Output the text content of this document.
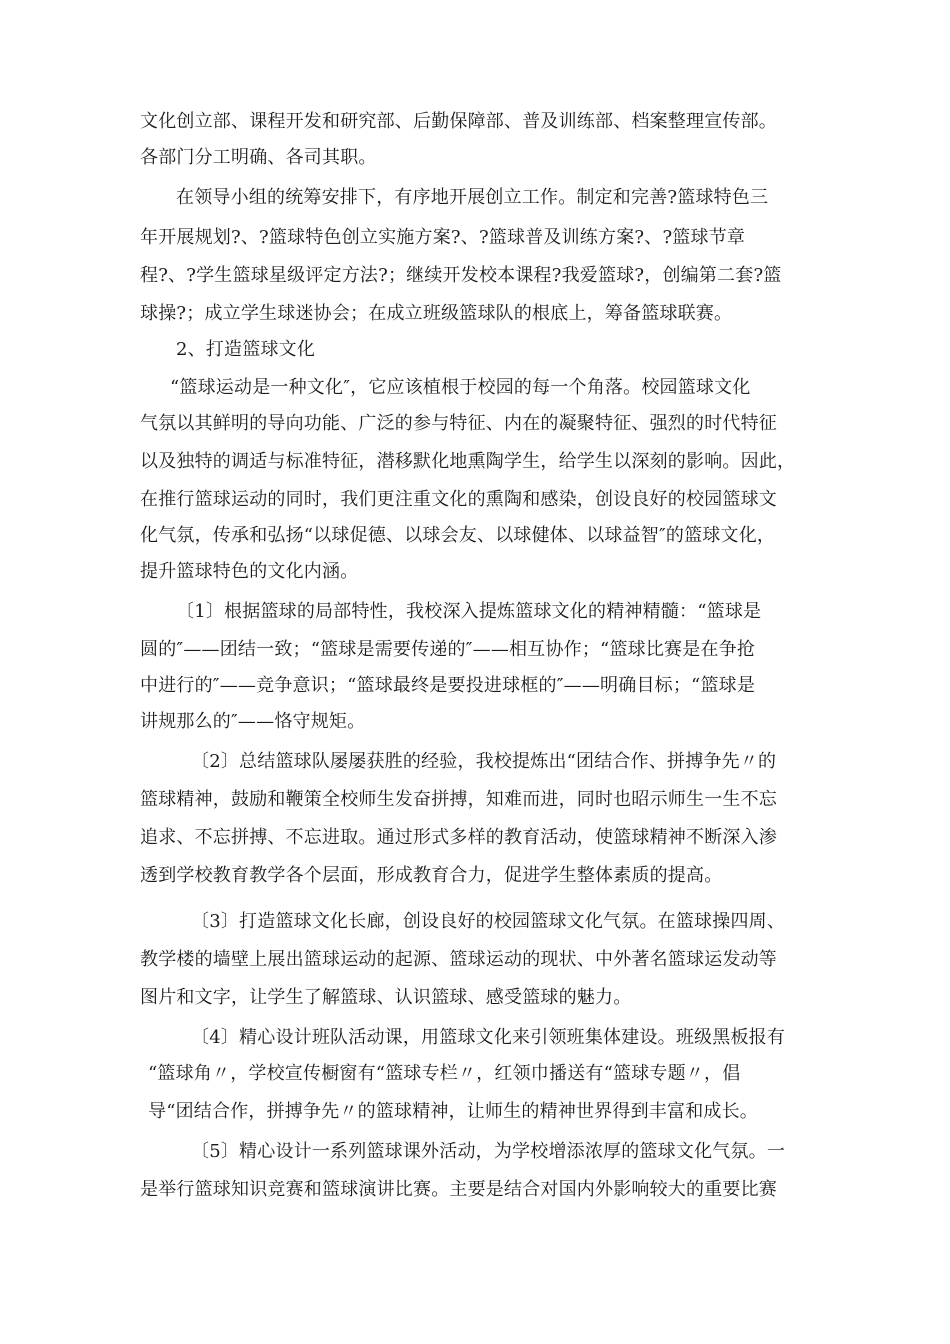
文化创立部、课程开发和研究部、后勤保障部、普及训练部、档案整理宣传部。
各部门分工明确、各司其职。
在领导小组的统筹安排下，有序地开展创立工作。制定和完善?篮球特色三
年开展规划?、?篮球特色创立实施方案?、?篮球普及训练方案?、?篮球节章
程?、?学生篮球星级评定方法?；继续开发校本课程?我爱篮球?，创编第二套?篮
球操?；成立学生球迷协会；在成立班级篮球队的根底上，筹备篮球联赛。
2、打造篮球文化
“篮球运动是一种文化″，它应该植根于校园的每一个角落。校园篮球文化
气氛以其鲜明的导向功能、广泛的参与特征、内在的凝聚特征、强烈的时代特征
以及独特的调适与标准特征，潜移默化地熏陶学生，给学生以深刻的影响。因此，
在推行篮球运动的同时，我们更注重文化的熏陶和感染，创设良好的校园篮球文
化气氛，传承和弘扬“以球促德、以球会友、以球健体、以球益智″的篮球文化，
提升篮球特色的文化内涵。
〔1〕根据篮球的局部特性，我校深入提炼篮球文化的精神精髓：“篮球是
圆的″——团结一致；“篮球是需要传递的″——相互协作；“篮球比赛是在争抢
中进行的″——竞争意识；“篮球最终是要投进球框的″——明确目标；“篮球是
讲规那么的″——恪守规矩。
〔2〕总结篮球队屡屡获胜的经验，我校提炼出“团结合作、拼搏争先〃的
篮球精神，鼓励和鞭策全校师生发奋拼搏，知难而进，同时也昭示师生一生不忘
追求、不忘拼搏、不忘进取。通过形式多样的教育活动，使篮球精神不断深入渗
透到学校教育教学各个层面，形成教育合力，促进学生整体素质的提高。
〔3〕打造篮球文化长廊，创设良好的校园篮球文化气氛。在篮球操四周、
教学楼的墙壁上展出篮球运动的起源、篮球运动的现状、中外著名篮球运发动等
图片和文字，让学生了解篮球、认识篮球、感受篮球的魅力。
〔4〕精心设计班队活动课，用篮球文化来引领班集体建设。班级黑板报有
“篮球角〃，学校宣传橱窗有“篮球专栏〃，红领巾播送有“篮球专题〃，倡
导“团结合作，拼搏争先〃的篮球精神，让师生的精神世界得到丰富和成长。
〔5〕精心设计一系列篮球课外活动，为学校增添浓厚的篮球文化气氛。一
是举行篮球知识竞赛和篮球演讲比赛。主要是结合对国内外影响较大的重要比赛
